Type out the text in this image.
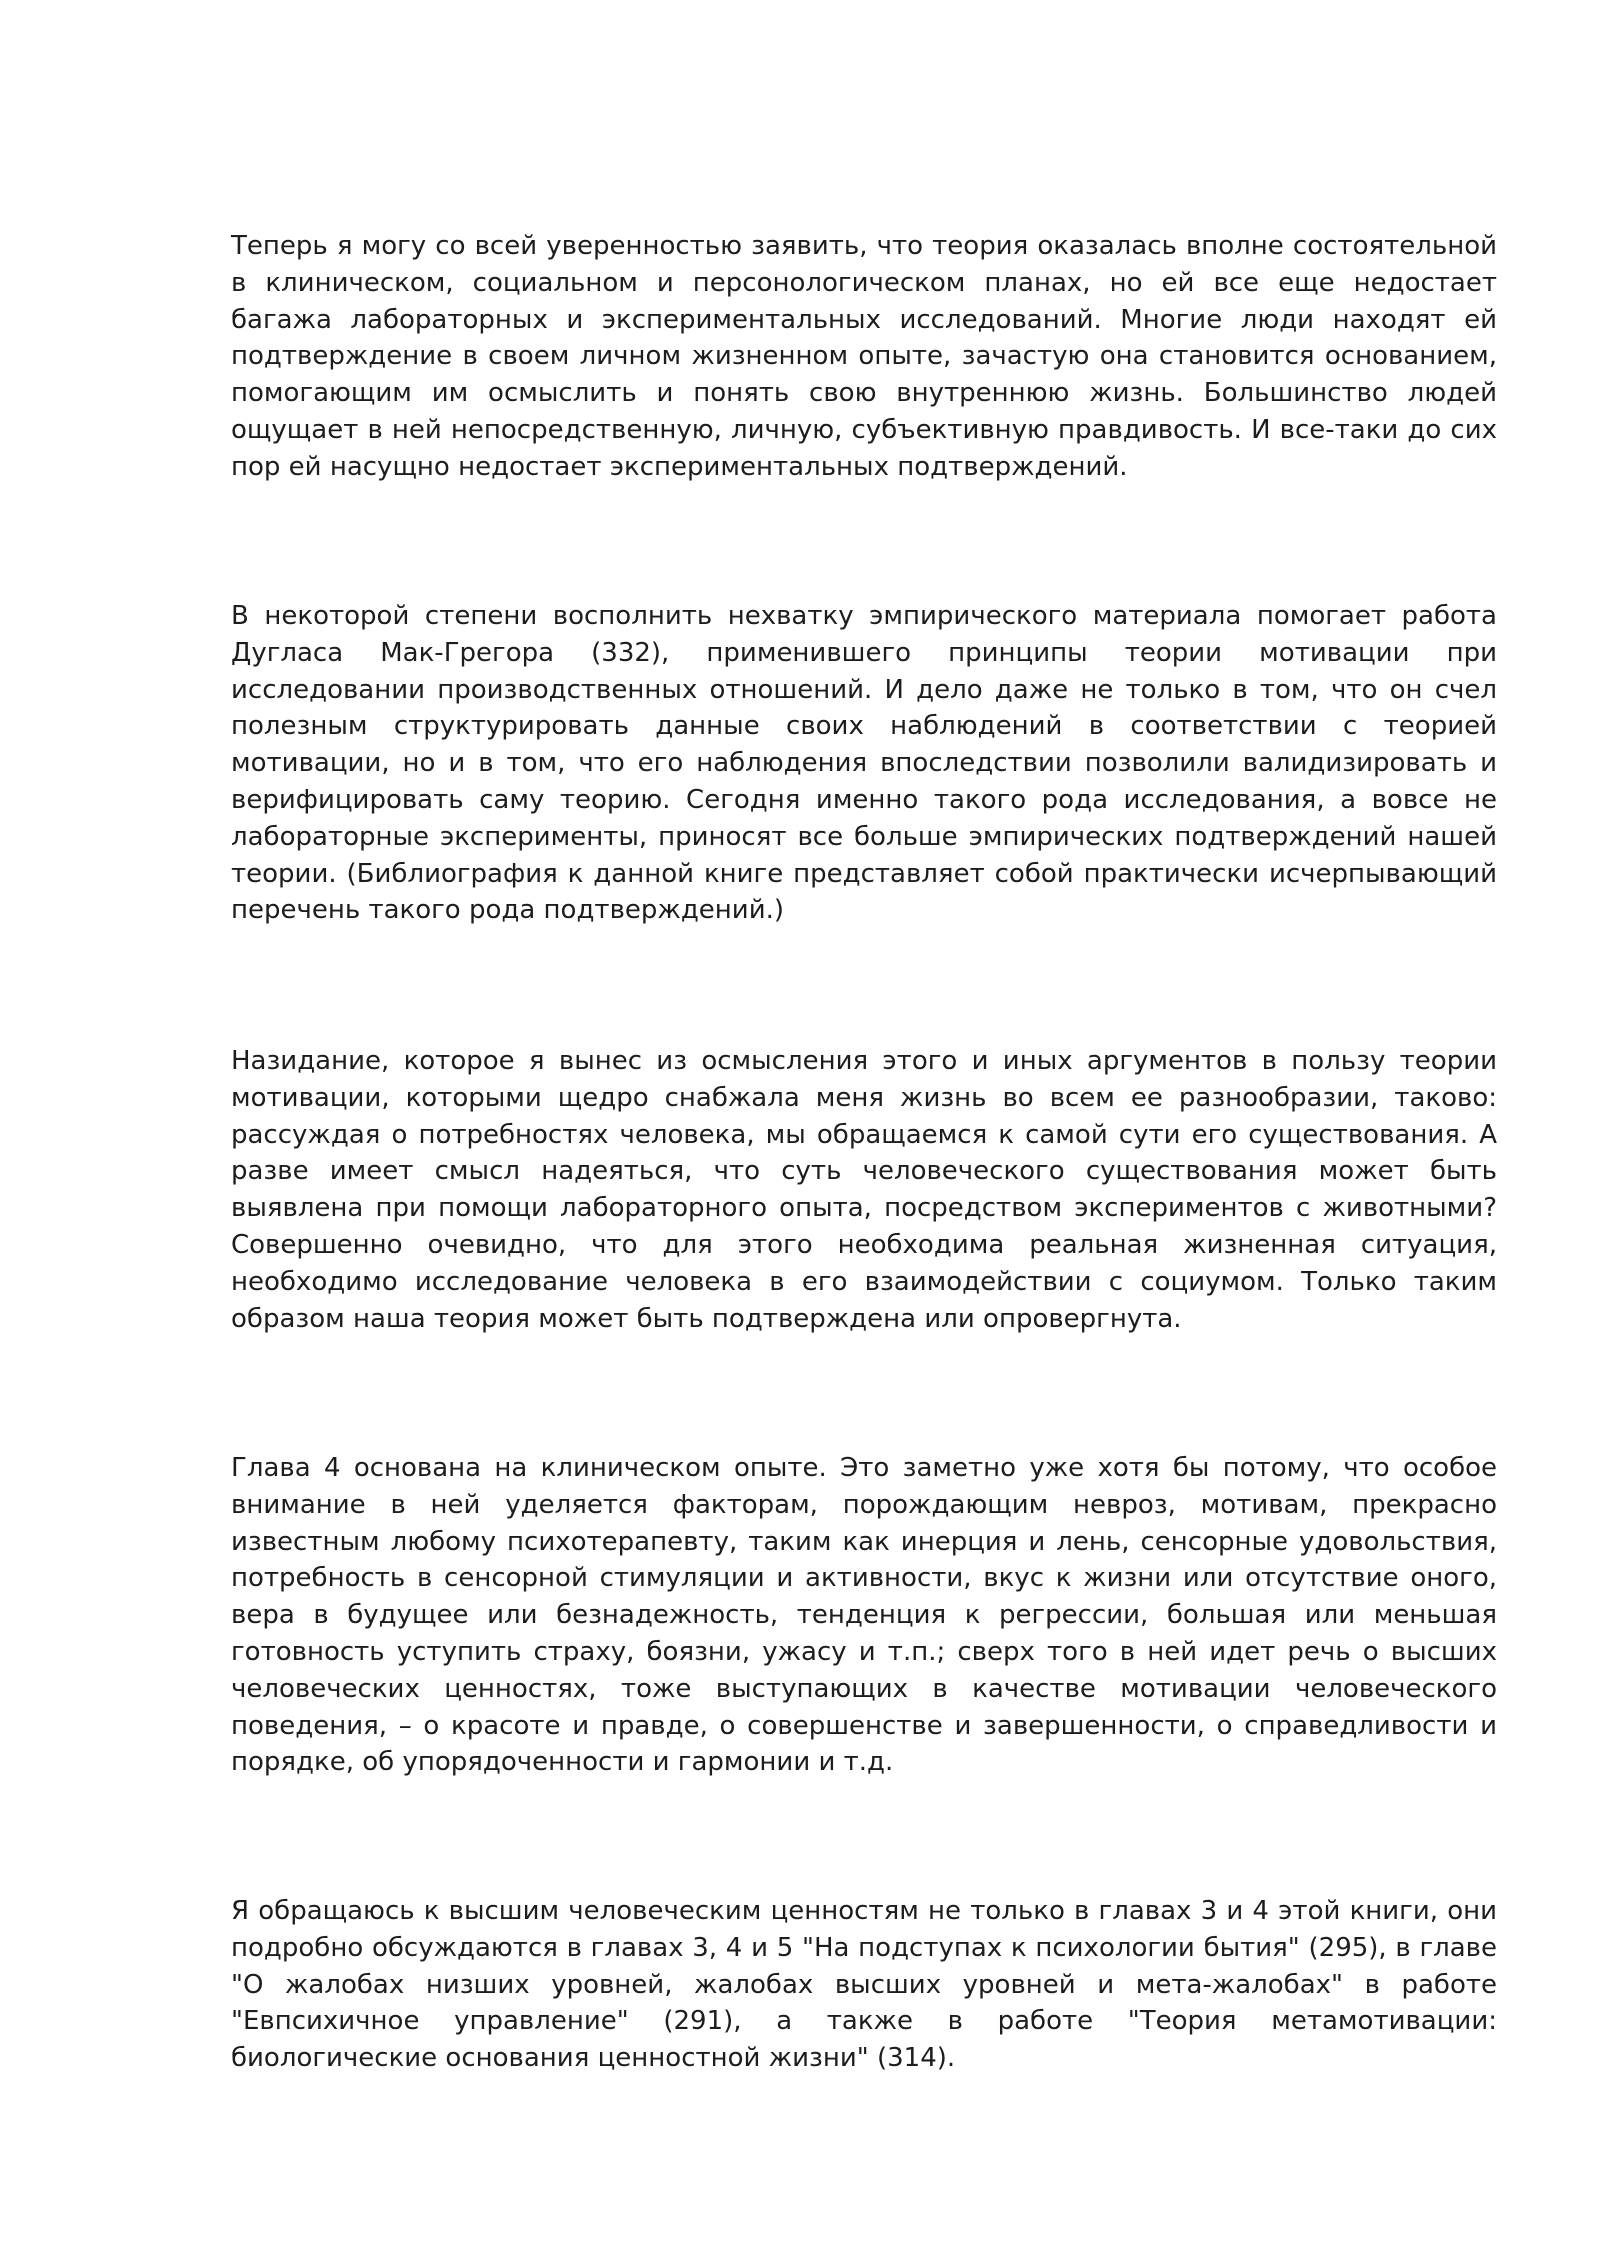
Теперь я могу со всей уверенностью заявить, что теория оказалась вполне состоятельной в клиническом, социальном и персонологическом планах, но ей все еще недостает багажа лабораторных и экспериментальных исследований. Многие люди находят ей подтверждение в своем личном жизненном опыте, зачастую она становится основанием, помогающим им осмыслить и понять свою внутреннюю жизнь. Большинство людей ощущает в ней непосредственную, личную, субъективную правдивость. И все-таки до сих пор ей насущно недостает экспериментальных подтверждений.

В некоторой степени восполнить нехватку эмпирического материала помогает работа Дугласа Мак-Грегора (332), применившего принципы теории мотивации при исследовании производственных отношений. И дело даже не только в том, что он счел полезным структурировать данные своих наблюдений в соответствии с теорией мотивации, но и в том, что его наблюдения впоследствии позволили валидизировать и верифицировать саму теорию. Сегодня именно такого рода исследования, а вовсе не лабораторные эксперименты, приносят все больше эмпирических подтверждений нашей теории. (Библиография к данной книге представляет собой практически исчерпывающий перечень такого рода подтверждений.)

Назидание, которое я вынес из осмысления этого и иных аргументов в пользу теории мотивации, которыми щедро снабжала меня жизнь во всем ее разнообразии, таково: рассуждая о потребностях человека, мы обращаемся к самой сути его существования. А разве имеет смысл надеяться, что суть человеческого существования может быть выявлена при помощи лабораторного опыта, посредством экспериментов с животными? Совершенно очевидно, что для этого необходима реальная жизненная ситуация, необходимо исследование человека в его взаимодействии с социумом. Только таким образом наша теория может быть подтверждена или опровергнута.

Глава 4 основана на клиническом опыте. Это заметно уже хотя бы потому, что особое внимание в ней уделяется факторам, порождающим невроз, мотивам, прекрасно известным любому психотерапевту, таким как инерция и лень, сенсорные удовольствия, потребность в сенсорной стимуляции и активности, вкус к жизни или отсутствие оного, вера в будущее или безнадежность, тенденция к регрессии, большая или меньшая готовность уступить страху, боязни, ужасу и т.п.; сверх того в ней идет речь о высших человеческих ценностях, тоже выступающих в качестве мотивации человеческого поведения, – о красоте и правде, о совершенстве и завершенности, о справедливости и порядке, об упорядоченности и гармонии и т.д.

Я обращаюсь к высшим человеческим ценностям не только в главах 3 и 4 этой книги, они подробно обсуждаются в главах 3, 4 и 5 "На подступах к психологии бытия" (295), в главе "О жалобах низших уровней, жалобах высших уровней и мета-жалобах" в работе "Евпсихичное управление" (291), а также в работе "Теория метамотивации: биологические основания ценностной жизни" (314).
